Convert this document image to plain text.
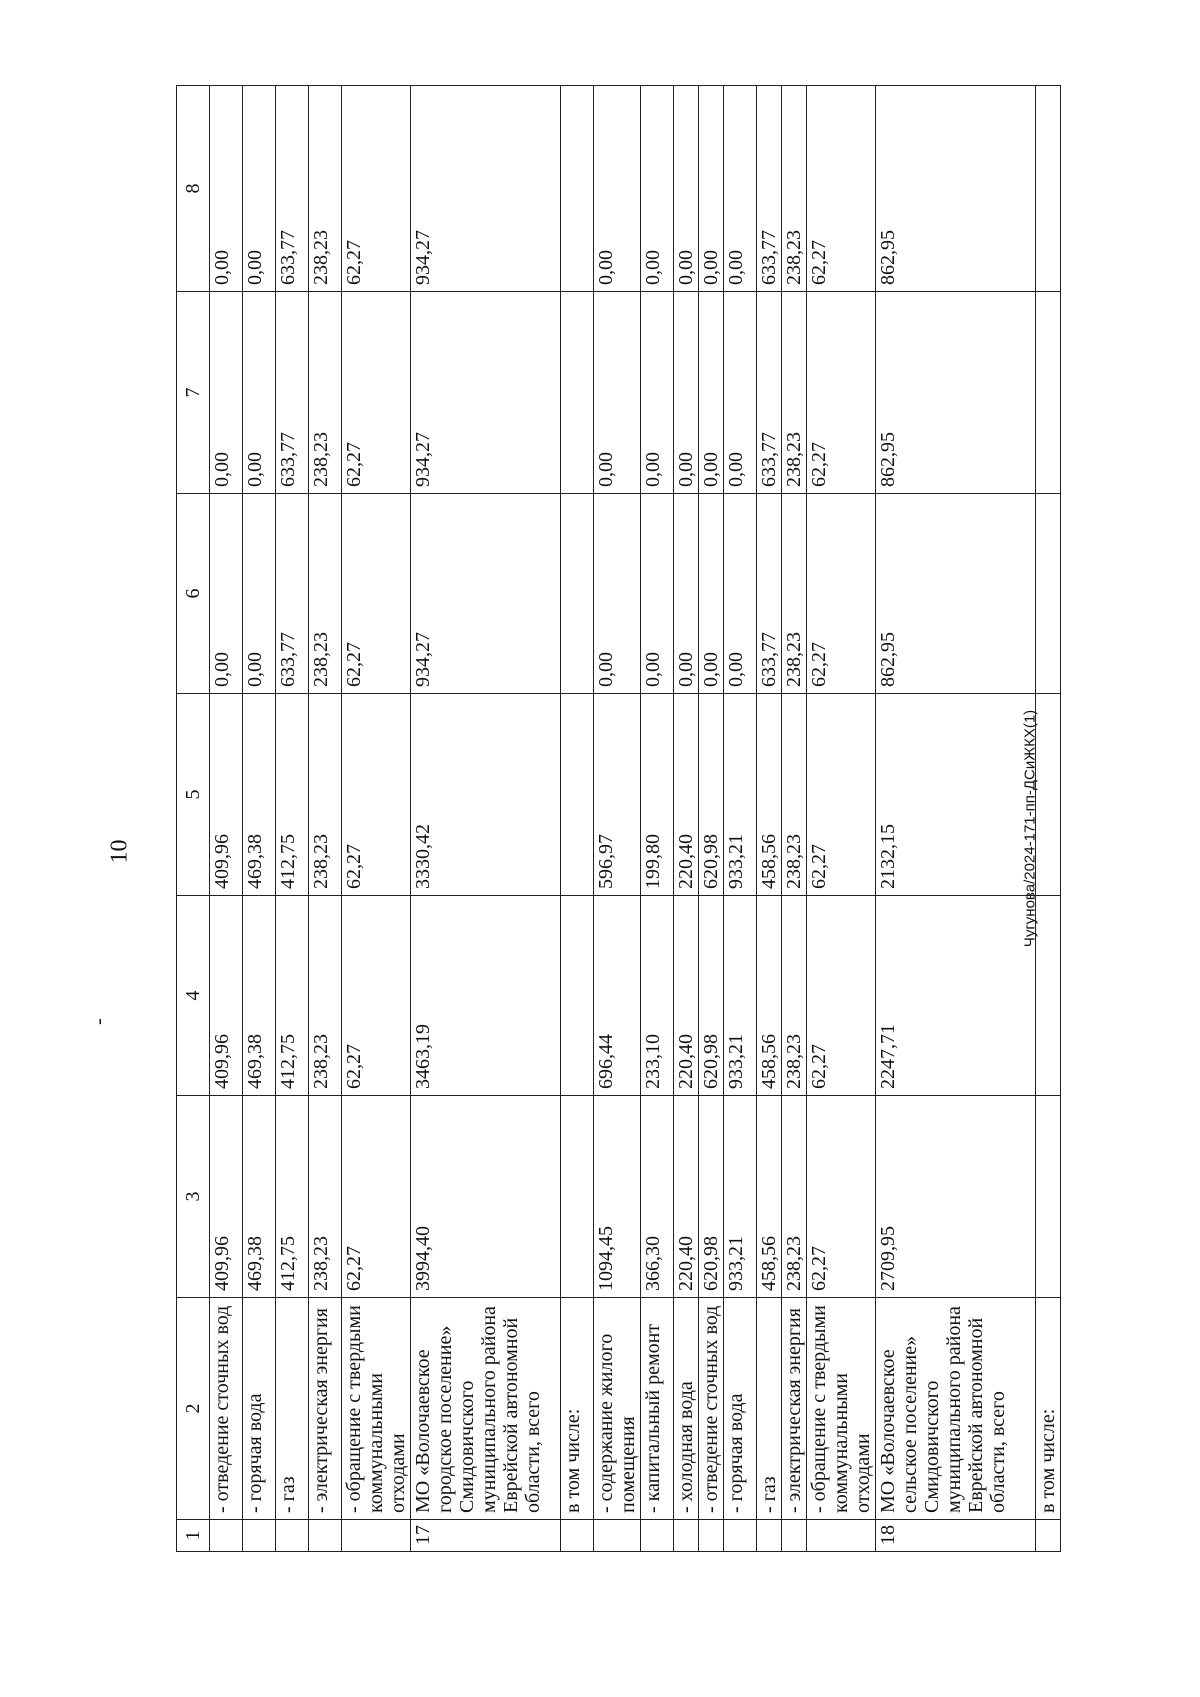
10
-
1	2	3	4	5	6	7	8
	- отведение сточных вод	409,96	409,96	409,96	0,00	0,00	0,00
	- горячая вода	469,38	469,38	469,38	0,00	0,00	0,00
	- газ	412,75	412,75	412,75	633,77	633,77	633,77
	- электрическая энергия	238,23	238,23	238,23	238,23	238,23	238,23
	- обращение с твердыми коммунальными отходами	62,27	62,27	62,27	62,27	62,27	62,27
17	МО «Волочаевское городское поселение» Смидовичского муниципального района Еврейской автономной области, всего	3994,40	3463,19	3330,42	934,27	934,27	934,27
	в том числе:						
	- содержание жилого помещения	1094,45	696,44	596,97	0,00	0,00	0,00
	- капитальный ремонт	366,30	233,10	199,80	0,00	0,00	0,00
	- холодная вода	220,40	220,40	220,40	0,00	0,00	0,00
	- отведение сточных вод	620,98	620,98	620,98	0,00	0,00	0,00
	- горячая вода	933,21	933,21	933,21	0,00	0,00	0,00
	- газ	458,56	458,56	458,56	633,77	633,77	633,77
	- электрическая энергия	238,23	238,23	238,23	238,23	238,23	238,23
	- обращение с твердыми коммунальными отходами	62,27	62,27	62,27	62,27	62,27	62,27
18	МО «Волочаевское сельское поселение» Смидовичского муниципального района Еврейской автономной области, всего	2709,95	2247,71	2132,15	862,95	862,95	862,95
	в том числе:						
Чугунова/2024-171-пп-ДСиЖКХ(1)
